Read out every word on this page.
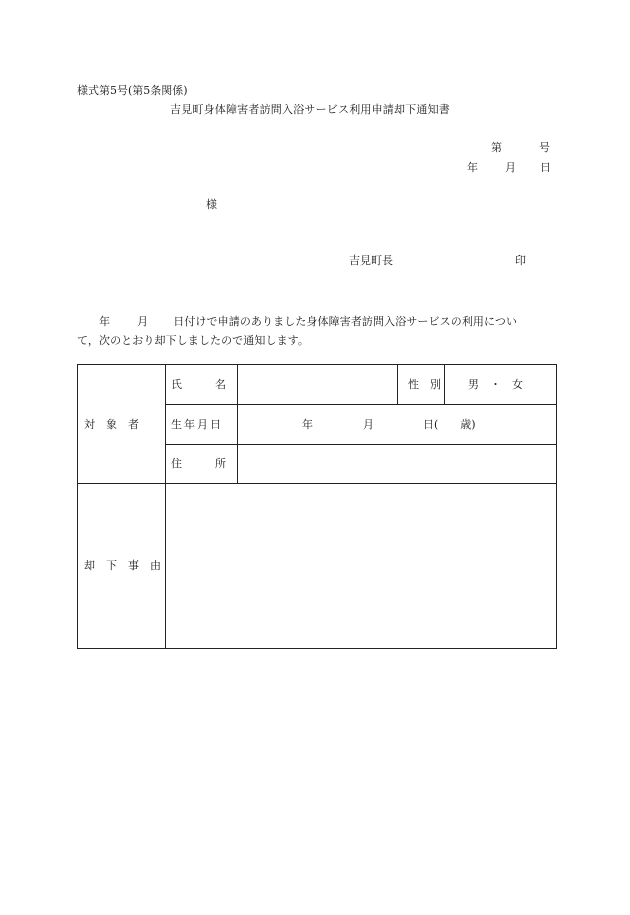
様式第5号(第5条関係)
吉見町身体障害者訪問入浴サービス利用申請却下通知書
第	号
年 月 日
様
吉見町長	印
年 月 日付けで申請のありました身体障害者訪問入浴サービスの利用につい
て，次のとおり却下しましたので通知します。
対　象　者
氏　　　名	性　別 男　・　女
生年月日	年	月	日(　　歳)
住　　　所
却　下　事　由
